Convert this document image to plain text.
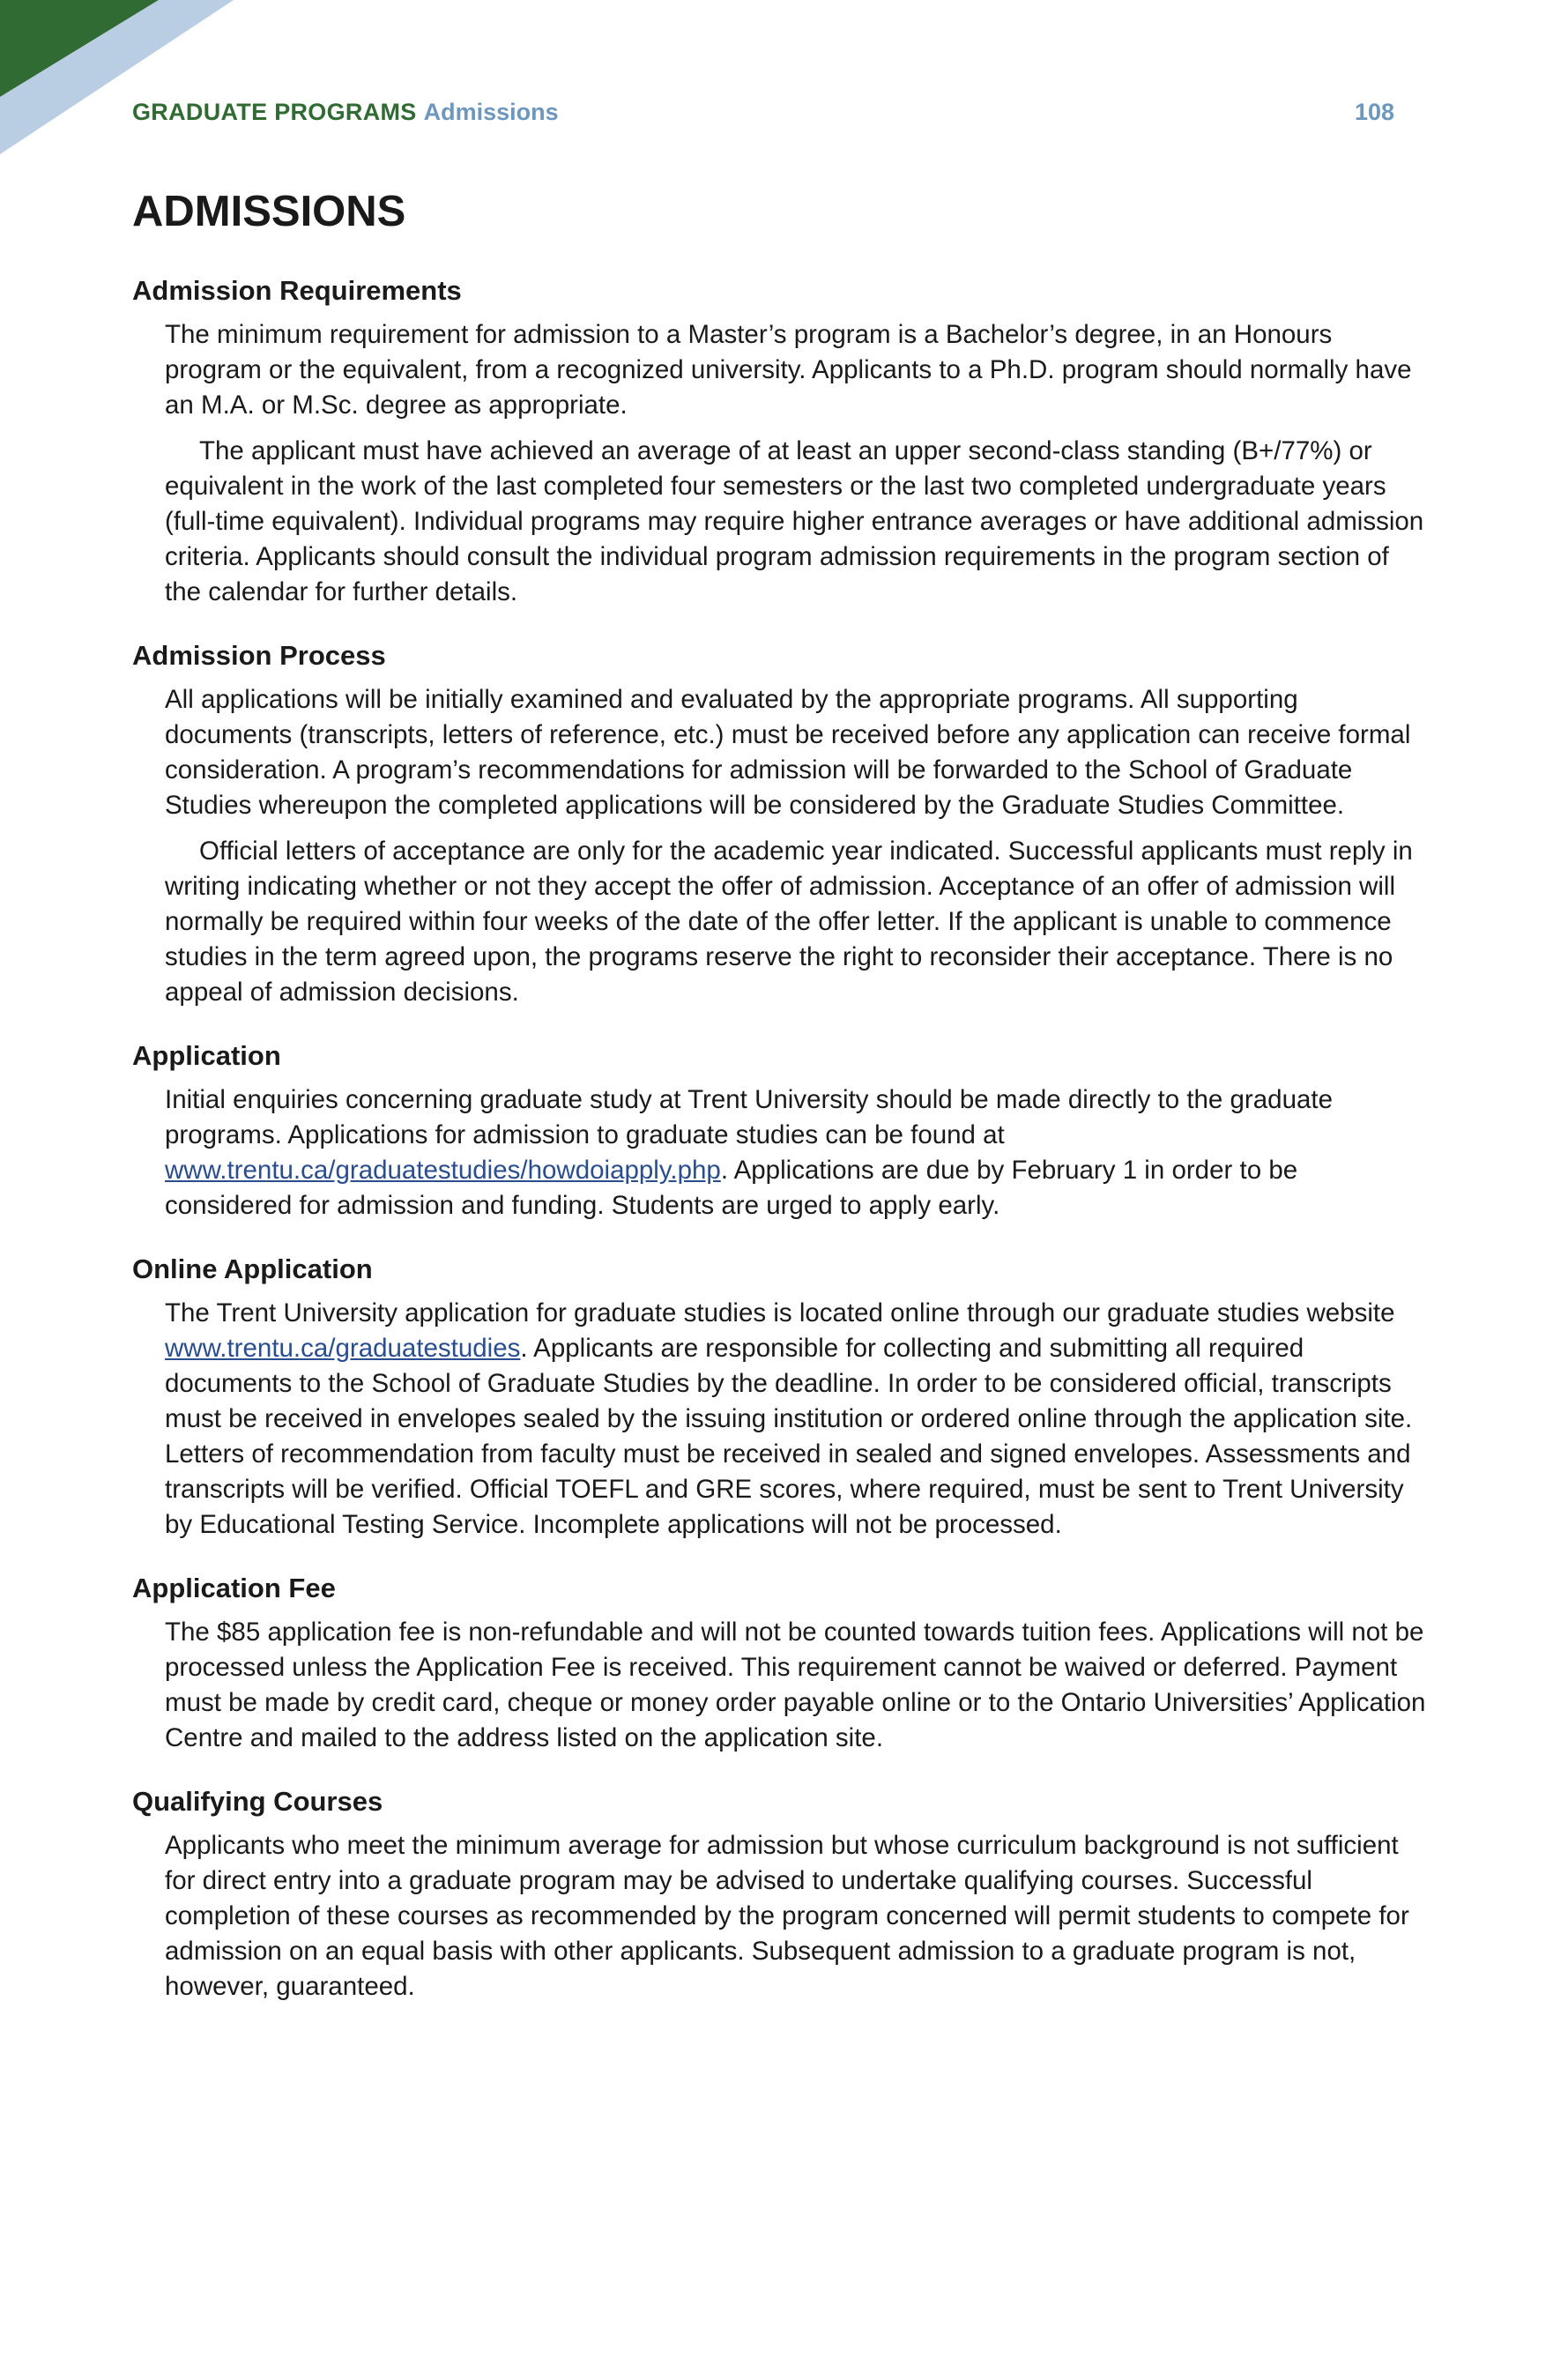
GRADUATE PROGRAMS Admissions	108
ADMISSIONS
Admission Requirements

The minimum requirement for admission to a Master’s program is a Bachelor’s degree, in an Honours program or the equivalent, from a recognized university. Applicants to a Ph.D. program should normally have an M.A. or M.Sc. degree as appropriate.

The applicant must have achieved an average of at least an upper second-class standing (B+/77%) or equivalent in the work of the last completed four semesters or the last two completed undergraduate years (full-time equivalent). Individual programs may require higher entrance averages or have additional admission criteria. Applicants should consult the individual program admission requirements in the program section of the calendar for further details.

Admission Process

All applications will be initially examined and evaluated by the appropriate programs. All supporting documents (transcripts, letters of reference, etc.) must be received before any application can receive formal consideration. A program’s recommendations for admission will be forwarded to the School of Graduate Studies whereupon the completed applications will be considered by the Graduate Studies Committee.

Official letters of acceptance are only for the academic year indicated. Successful applicants must reply in writing indicating whether or not they accept the offer of admission. Acceptance of an offer of admission will normally be required within four weeks of the date of the offer letter. If the applicant is unable to commence studies in the term agreed upon, the programs reserve the right to reconsider their acceptance. There is no appeal of admission decisions.

Application

Initial enquiries concerning graduate study at Trent University should be made directly to the graduate programs. Applications for admission to graduate studies can be found at www.trentu.ca/graduatestudies/howdoiapply.php. Applications are due by February 1 in order to be considered for admission and funding. Students are urged to apply early.

Online Application

The Trent University application for graduate studies is located online through our graduate studies website www.trentu.ca/graduatestudies. Applicants are responsible for collecting and submitting all required documents to the School of Graduate Studies by the deadline. In order to be considered official, transcripts must be received in envelopes sealed by the issuing institution or ordered online through the application site. Letters of recommendation from faculty must be received in sealed and signed envelopes. Assessments and transcripts will be verified. Official TOEFL and GRE scores, where required, must be sent to Trent University by Educational Testing Service. Incomplete applications will not be processed.

Application Fee

The $85 application fee is non-refundable and will not be counted towards tuition fees. Applications will not be processed unless the Application Fee is received. This requirement cannot be waived or deferred. Payment must be made by credit card, cheque or money order payable online or to the Ontario Universities’ Application Centre and mailed to the address listed on the application site.

Qualifying Courses

Applicants who meet the minimum average for admission but whose curriculum background is not sufficient for direct entry into a graduate program may be advised to undertake qualifying courses. Successful completion of these courses as recommended by the program concerned will permit students to compete for admission on an equal basis with other applicants. Subsequent admission to a graduate program is not, however, guaranteed.
